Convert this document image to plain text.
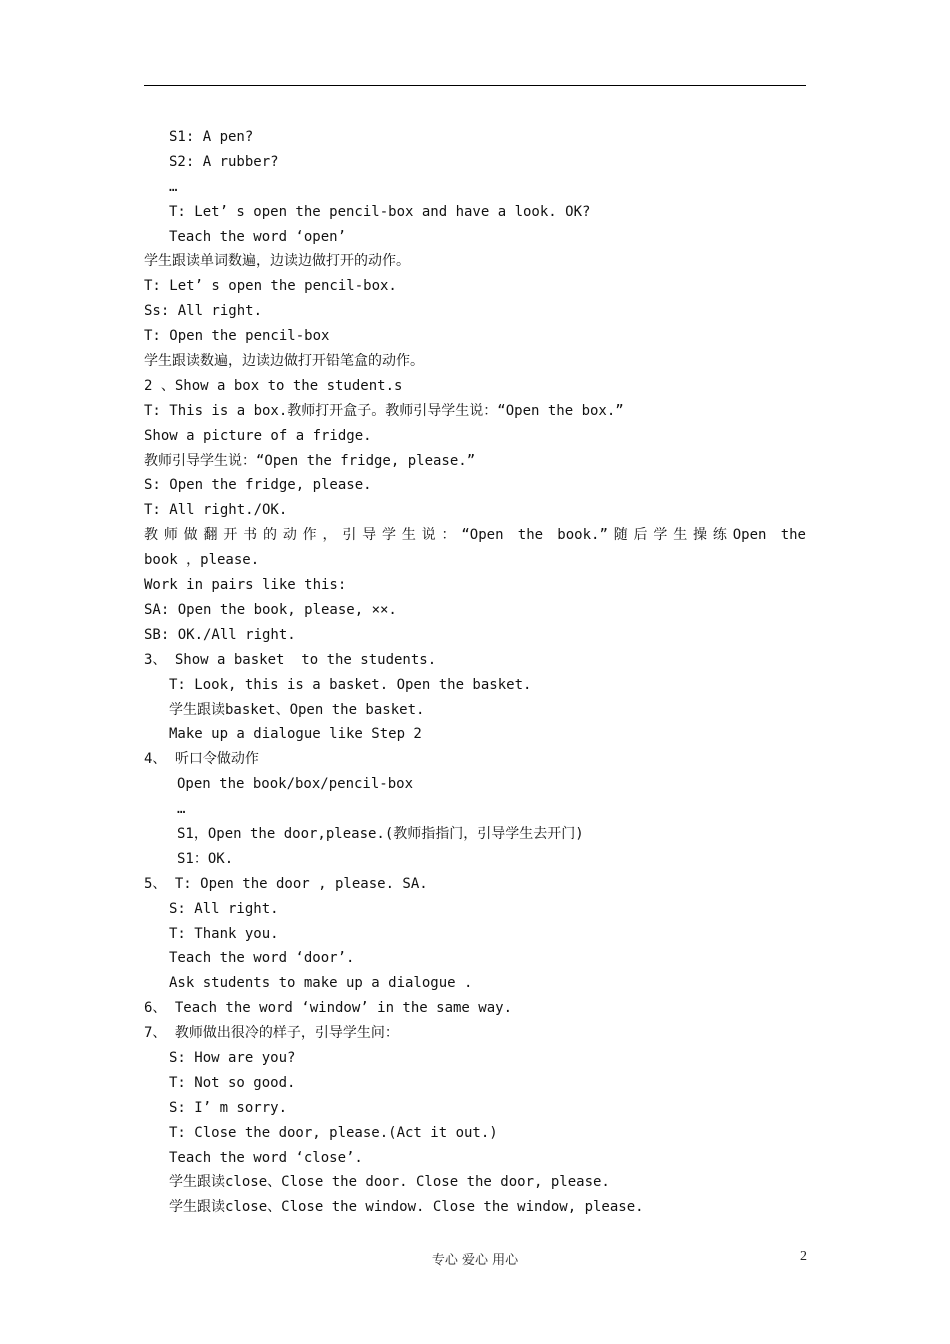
S1: A pen?
S2: A rubber?
…
T: Let’ s open the pencil-box and have a look. OK?
Teach the word ‘open’
学生跟读单词数遍，边读边做打开的动作。
T: Let’ s open the pencil-box.
Ss: All right.
T: Open the pencil-box
学生跟读数遍，边读边做打开铅笔盒的动作。
2 、Show a box to the student.s
T: This is a box.教师打开盒子。教师引导学生说：“Open the box.”
Show a picture of a fridge.
教师引导学生说：“Open the fridge, please.”
S: Open the fridge, please.
T: All right./OK.
教师做翻开书的动作，引导学生说：“Open the book.”随后学生操练Open the
book ，please.
Work in pairs like this:
SA: Open the book, please, ××.
SB: OK./All right.
3、 Show a basket  to the students.
T: Look, this is a basket. Open the basket.
学生跟读basket、Open the basket.
Make up a dialogue like Step 2
4、 听口令做动作
Open the book/box/pencil-box
…
S1，Open the door,please.(教师指指门，引导学生去开门)
S1：OK.
5、 T: Open the door , please. SA.
S: All right.
T: Thank you.
Teach the word ‘door’.
Ask students to make up a dialogue .
6、 Teach the word ‘window’ in the same way.
7、 教师做出很冷的样子，引导学生问：
S: How are you?
T: Not so good.
S: I’ m sorry.
T: Close the door, please.(Act it out.)
Teach the word ‘close’.
学生跟读close、Close the door. Close the door, please.
学生跟读close、Close the window. Close the window, please.
专心 爱心 用心	2
